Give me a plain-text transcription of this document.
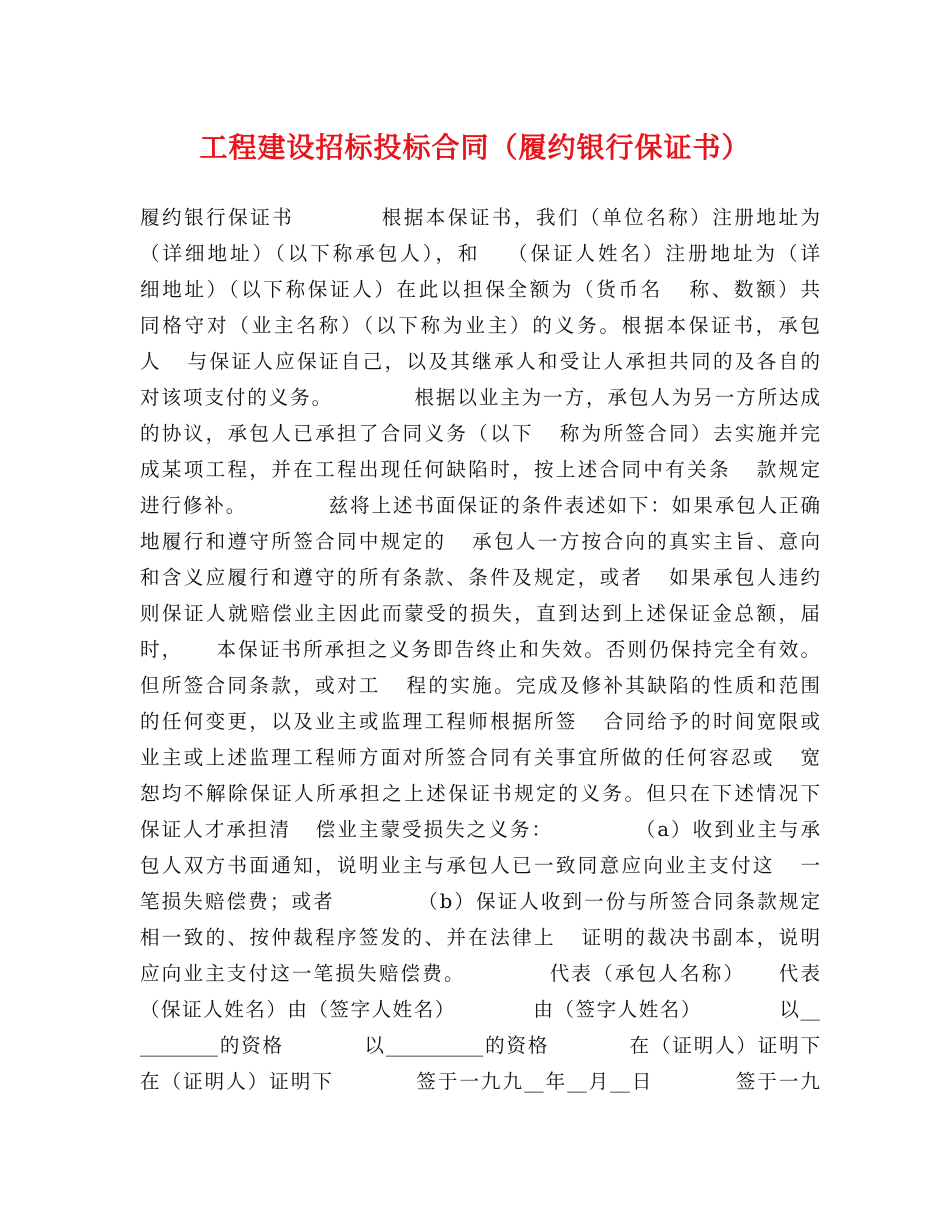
工程建设招标投标合同（履约银行保证书）
履约银行保证书          根据本保证书，我们（单位名称）注册地址为
（详细地址）（以下称承包人），和   （保证人姓名）注册地址为（详
细地址）（以下称保证人）在此以担保全额为（货币名   称、数额）共
同格守对（业主名称）（以下称为业主）的义务。根据本保证书，承包
人   与保证人应保证自己，以及其继承人和受让人承担共同的及各自的
对该项支付的义务。          根据以业主为一方，承包人为另一方所达成
的协议，承包人已承担了合同义务（以下   称为所签合同）去实施并完
成某项工程，并在工程出现任何缺陷时，按上述合同中有关条   款规定
进行修补。          兹将上述书面保证的条件表述如下：如果承包人正确
地履行和遵守所签合同中规定的   承包人一方按合向的真实主旨、意向
和含义应履行和遵守的所有条款、条件及规定，或者   如果承包人违约
则保证人就赔偿业主因此而蒙受的损失，直到达到上述保证金总额，届
时，    本保证书所承担之义务即告终止和失效。否则仍保持完全有效。
但所签合同条款，或对工   程的实施。完成及修补其缺陷的性质和范围
的任何变更，以及业主或监理工程师根据所签   合同给予的时间宽限或
业主或上述监理工程师方面对所签合同有关事宜所做的任何容忍或   宽
恕均不解除保证人所承担之上述保证书规定的义务。但只在下述情况下
保证人才承担清   偿业主蒙受损失之义务：          （a）收到业主与承
包人双方书面通知，说明业主与承包人已一致同意应向业主支付这   一
笔损失赔偿费；或者          （b）保证人收到一份与所签合同条款规定
相一致的、按仲裁程序签发的、并在法律上   证明的裁决书副本，说明
应向业主支付这一笔损失赔偿费。          代表（承包人名称）    代表
（保证人姓名）由（签字人姓名）          由（签字人姓名）          以__
________的资格          以__________的资格          在（证明人）证明下
在（证明人）证明下          签于一九九__年__月__日          签于一九
